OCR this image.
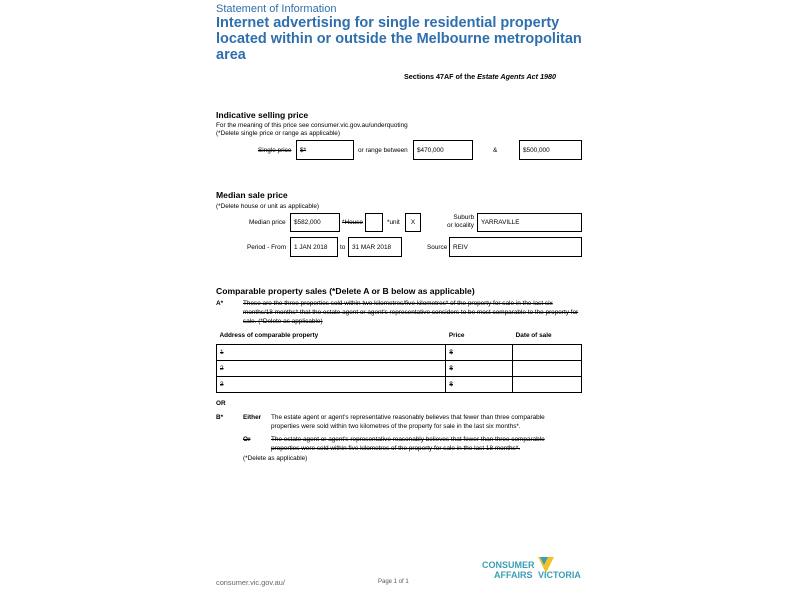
Statement of Information
Internet advertising for single residential property located within or outside the Melbourne metropolitan area
Sections 47AF of the Estate Agents Act 1980
Indicative selling price
For the meaning of this price see consumer.vic.gov.au/underquoting
(*Delete single price or range as applicable)
Single price $*	or range between $470,000	&	$500,000
Median sale price
(*Delete house or unit as applicable)
Median price $582,000	*House	*unit X
Suburb
or locality YARRAVILLE
Period - From 1 JAN 2018 to 31 MAR 2018	Source REIV
Comparable property sales (*Delete A or B below as applicable)
A*	These are the three properties sold within two kilometres/five kilometres* of the property for sale in the last six months/18 months* that the estate agent or agent's representative considers to be most comparable to the property for sale. (*Delete as applicable)
Address of comparable property	Price	Date of sale
1	$	
2	$	
3	$	
OR
B*	Either The estate agent or agent's representative reasonably believes that fewer than three comparable properties were sold within two kilometres of the property for sale in the last six months*.
Or	The estate agent or agent's representative reasonably believes that fewer than three comparable properties were sold within five kilometres of the property for sale in the last 18 months*.
(*Delete as applicable)
consumer.vic.gov.au/	Page 1 of 1
CONSUMER
AFFAIRS VICTORIA
